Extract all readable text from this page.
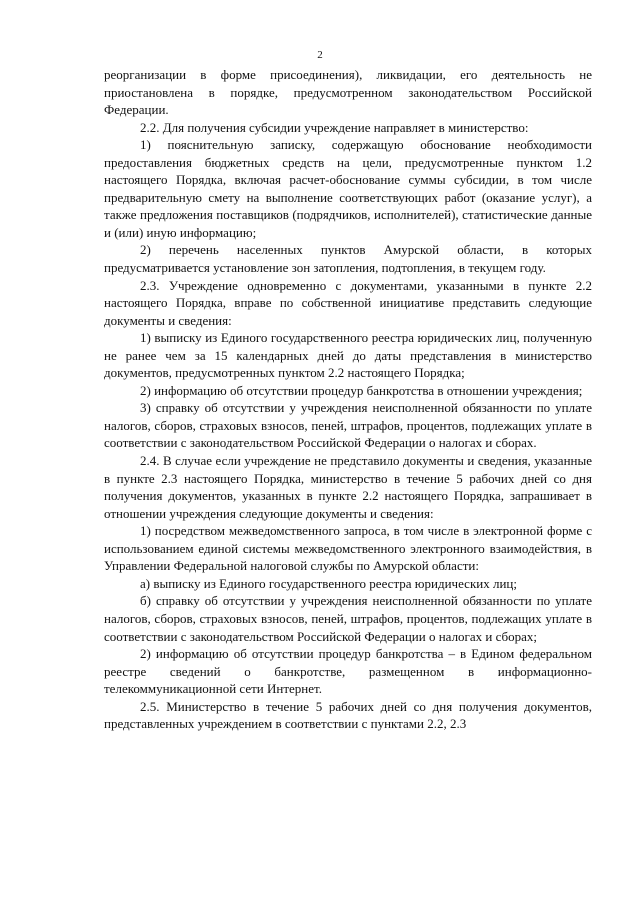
2

реорганизации в форме присоединения), ликвидации, его деятельность не приостановлена в порядке, предусмотренном законодательством Российской Федерации.

2.2. Для получения субсидии учреждение направляет в министерство:

1) пояснительную записку, содержащую обоснование необходимости предоставления бюджетных средств на цели, предусмотренные пунктом 1.2 настоящего Порядка, включая расчет-обоснование суммы субсидии, в том числе предварительную смету на выполнение соответствующих работ (оказание услуг), а также предложения поставщиков (подрядчиков, исполнителей), статистические данные и (или) иную информацию;

2) перечень населенных пунктов Амурской области, в которых предусматривается установление зон затопления, подтопления, в текущем году.

2.3. Учреждение одновременно с документами, указанными в пункте 2.2 настоящего Порядка, вправе по собственной инициативе представить следующие документы и сведения:

1) выписку из Единого государственного реестра юридических лиц, полученную не ранее чем за 15 календарных дней до даты представления в министерство документов, предусмотренных пунктом 2.2 настоящего Порядка;

2) информацию об отсутствии процедур банкротства в отношении учреждения;

3) справку об отсутствии у учреждения неисполненной обязанности по уплате налогов, сборов, страховых взносов, пеней, штрафов, процентов, подлежащих уплате в соответствии с законодательством Российской Федерации о налогах и сборах.

2.4. В случае если учреждение не представило документы и сведения, указанные в пункте 2.3 настоящего Порядка, министерство в течение 5 рабочих дней со дня получения документов, указанных в пункте 2.2 настоящего Порядка, запрашивает в отношении учреждения следующие документы и сведения:

1) посредством межведомственного запроса, в том числе в электронной форме с использованием единой системы межведомственного электронного взаимодействия, в Управлении Федеральной налоговой службы по Амурской области:

а) выписку из Единого государственного реестра юридических лиц;

б) справку об отсутствии у учреждения неисполненной обязанности по уплате налогов, сборов, страховых взносов, пеней, штрафов, процентов, подлежащих уплате в соответствии с законодательством Российской Федерации о налогах и сборах;

2) информацию об отсутствии процедур банкротства – в Едином федеральном реестре сведений о банкротстве, размещенном в информационно-телекоммуникационной сети Интернет.

2.5. Министерство в течение 5 рабочих дней со дня получения документов, представленных учреждением в соответствии с пунктами 2.2, 2.3
